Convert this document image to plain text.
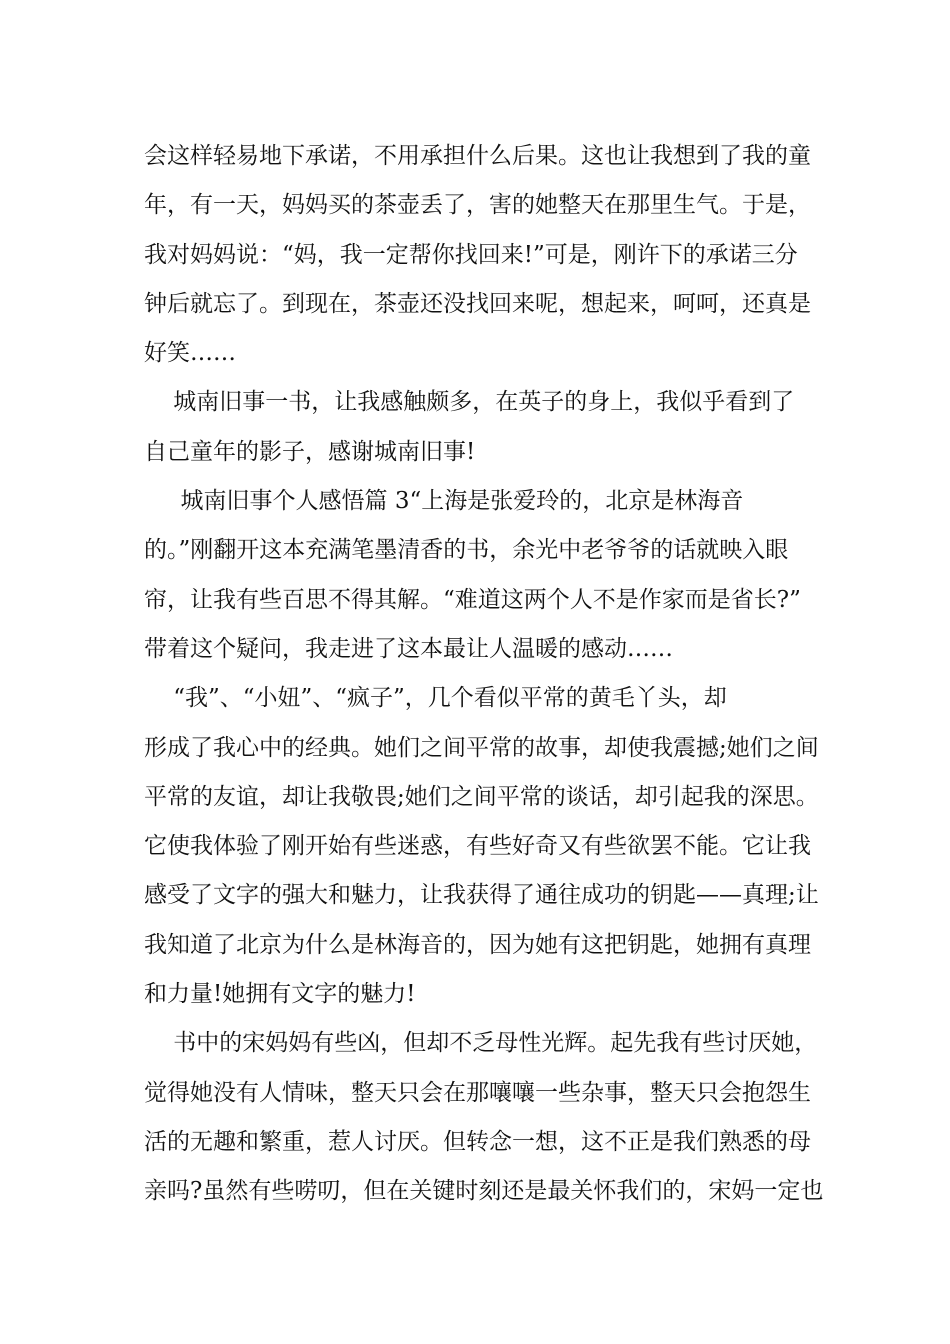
会这样轻易地下承诺，不用承担什么后果。这也让我想到了我的童
年，有一天，妈妈买的茶壶丢了，害的她整天在那里生气。于是，
我对妈妈说：“妈，我一定帮你找回来!”可是，刚许下的承诺三分
钟后就忘了。到现在，茶壶还没找回来呢，想起来，呵呵，还真是
好笑……
城南旧事一书，让我感触颇多，在英子的身上，我似乎看到了
自己童年的影子，感谢城南旧事!
城南旧事个人感悟篇 3“上海是张爱玲的，北京是林海音
的。”刚翻开这本充满笔墨清香的书，余光中老爷爷的话就映入眼
帘，让我有些百思不得其解。“难道这两个人不是作家而是省长?”
带着这个疑问，我走进了这本最让人温暖的感动……
“我”、“小妞”、“疯子”，几个看似平常的黄毛丫头，却
形成了我心中的经典。她们之间平常的故事，却使我震撼;她们之间
平常的友谊，却让我敬畏;她们之间平常的谈话，却引起我的深思。
它使我体验了刚开始有些迷惑，有些好奇又有些欲罢不能。它让我
感受了文字的强大和魅力，让我获得了通往成功的钥匙——真理;让
我知道了北京为什么是林海音的，因为她有这把钥匙，她拥有真理
和力量!她拥有文字的魅力!
书中的宋妈妈有些凶，但却不乏母性光辉。起先我有些讨厌她，
觉得她没有人情味，整天只会在那嚷嚷一些杂事，整天只会抱怨生
活的无趣和繁重，惹人讨厌。但转念一想，这不正是我们熟悉的母
亲吗?虽然有些唠叨，但在关键时刻还是最关怀我们的，宋妈一定也
